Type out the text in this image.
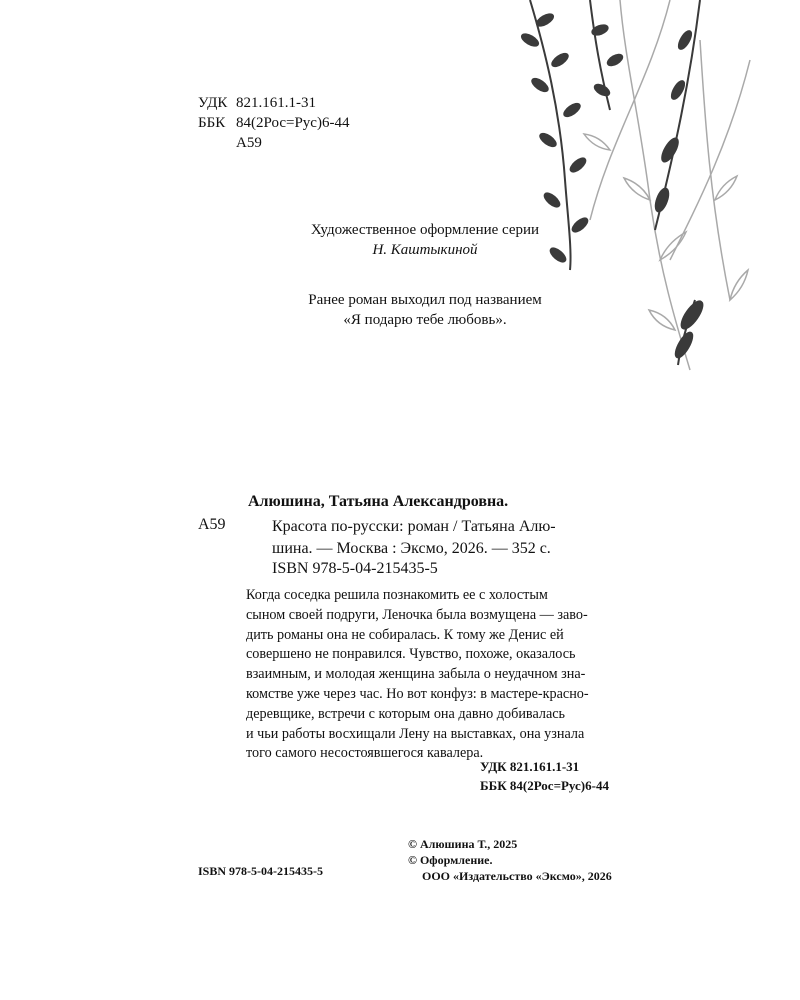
УДК 821.161.1-31
ББК 84(2Рос=Рус)6-44
А59
Художественное оформление серии
Н. Каштыкиной
Ранее роман выходил под названием
«Я подарю тебе любовь».
Алюшина, Татьяна Александровна.
А59	Красота по-русски: роман / Татьяна Алю-
шина. — Москва : Эксмо, 2026. — 352 с.
ISBN 978-5-04-215435-5

Когда соседка решила познакомить ее с холостым

сыном своей подруги, Леночка была возмущена — заво-

дить романы она не собиралась. К тому же Денис ей

совершено не понравился. Чувство, похоже, оказалось

взаимным, и молодая женщина забыла о неудачном зна-

комстве уже через час. Но вот конфуз: в мастере-красно-

деревщике, встречи с которым она давно добивалась

и чьи работы восхищали Лену на выставках, она узнала

того самого несостоявшегося кавалера.

УДК 821.161.1-31
ББК 84(2Рос=Рус)6-44
© Алюшина Т., 2025
© Оформление.
ООО «Издательство «Эксмо», 2026
ISBN 978-5-04-215435-5
